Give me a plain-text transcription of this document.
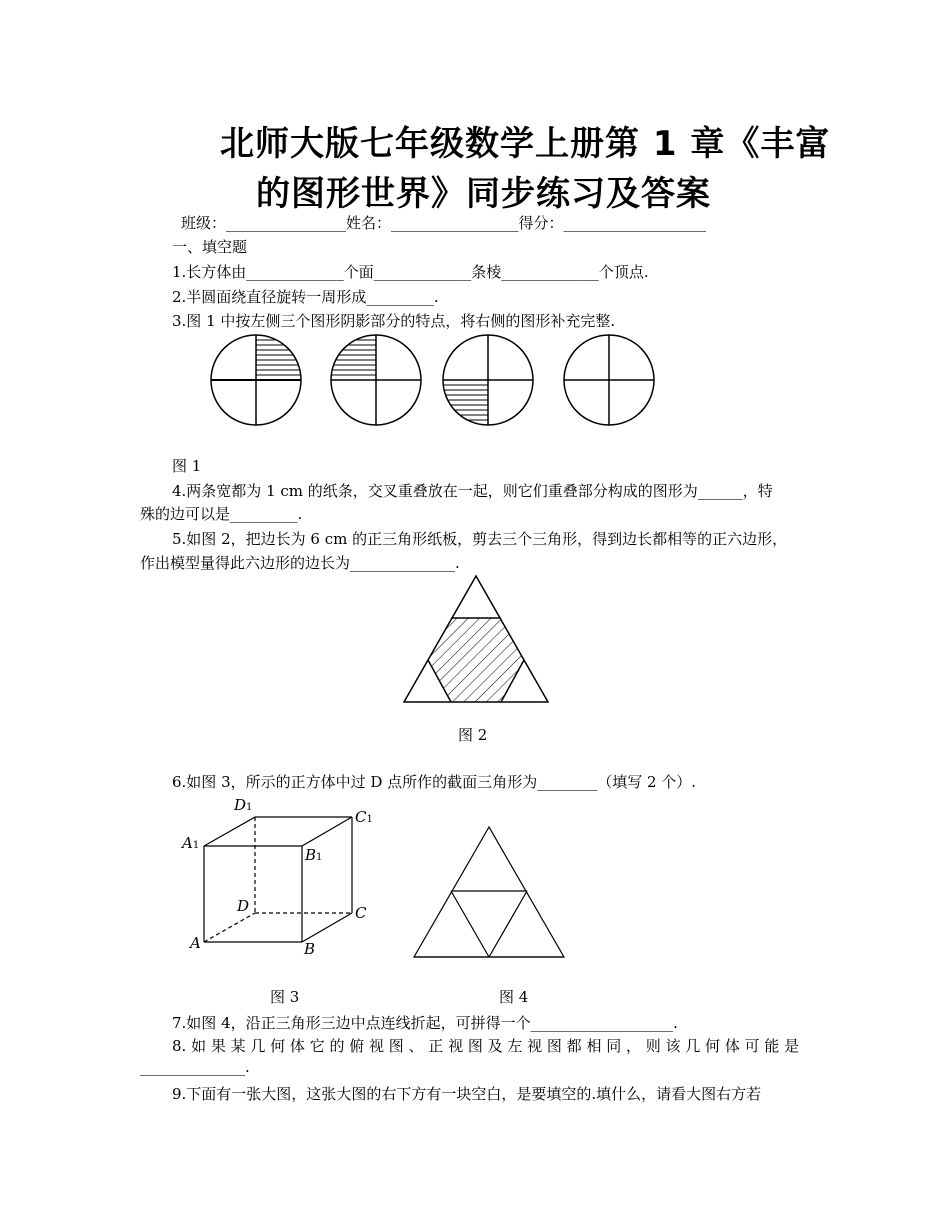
北师大版七年级数学上册第 1 章《丰富
的图形世界》同步练习及答案
班级：________________姓名：_________________得分：___________________
一、填空题
1.长方体由_____________个面_____________条棱_____________个顶点.
2.半圆面绕直径旋转一周形成_________.
3.图 1 中按左侧三个图形阴影部分的特点，将右侧的图形补充完整.
图 1
4.两条宽都为 1 cm 的纸条，交叉重叠放在一起，则它们重叠部分构成的图形为______，特
殊的边可以是_________.
5.如图 2，把边长为 6 cm 的正三角形纸板，剪去三个三角形，得到边长都相等的正六边形，
作出模型量得此六边形的边长为______________.
图 2
6.如图 3，所示的正方体中过 D 点所作的截面三角形为________（填写 2 个）.
D1
C1
A1
B1
D	C
A	B
图 3	图 4
7.如图 4，沿正三角形三边中点连线折起，可拼得一个___________________.
8. 如 果 某 几 何 体 它 的 俯 视 图 、 正 视 图 及 左 视 图 都 相 同 ， 则 该 几 何 体 可 能 是
______________.
9.下面有一张大图，这张大图的右下方有一块空白，是要填空的.填什么，请看大图右方若
